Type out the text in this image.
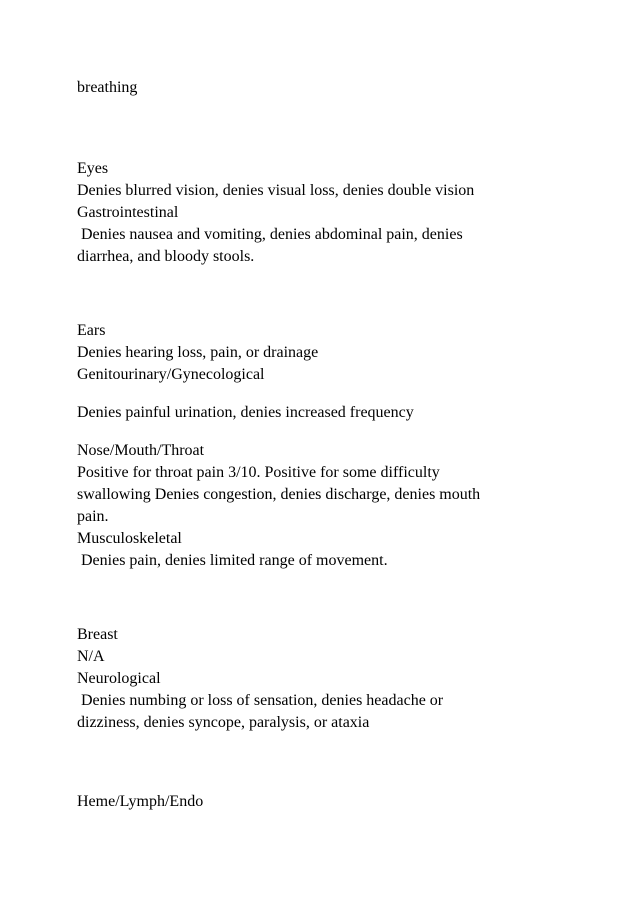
breathing

Eyes

Denies blurred vision, denies visual loss, denies double vision

Gastrointestinal

Denies nausea and vomiting, denies abdominal pain, denies

diarrhea, and bloody stools.

Ears

Denies hearing loss, pain, or drainage

Genitourinary/Gynecological

Denies painful urination, denies increased frequency

Nose/Mouth/Throat

Positive for throat pain 3/10. Positive for some difficulty

swallowing Denies congestion, denies discharge, denies mouth

pain.

Musculoskeletal

Denies pain, denies limited range of movement.

Breast

N/A

Neurological

Denies numbing or loss of sensation, denies headache or

dizziness, denies syncope, paralysis, or ataxia

Heme/Lymph/Endo
